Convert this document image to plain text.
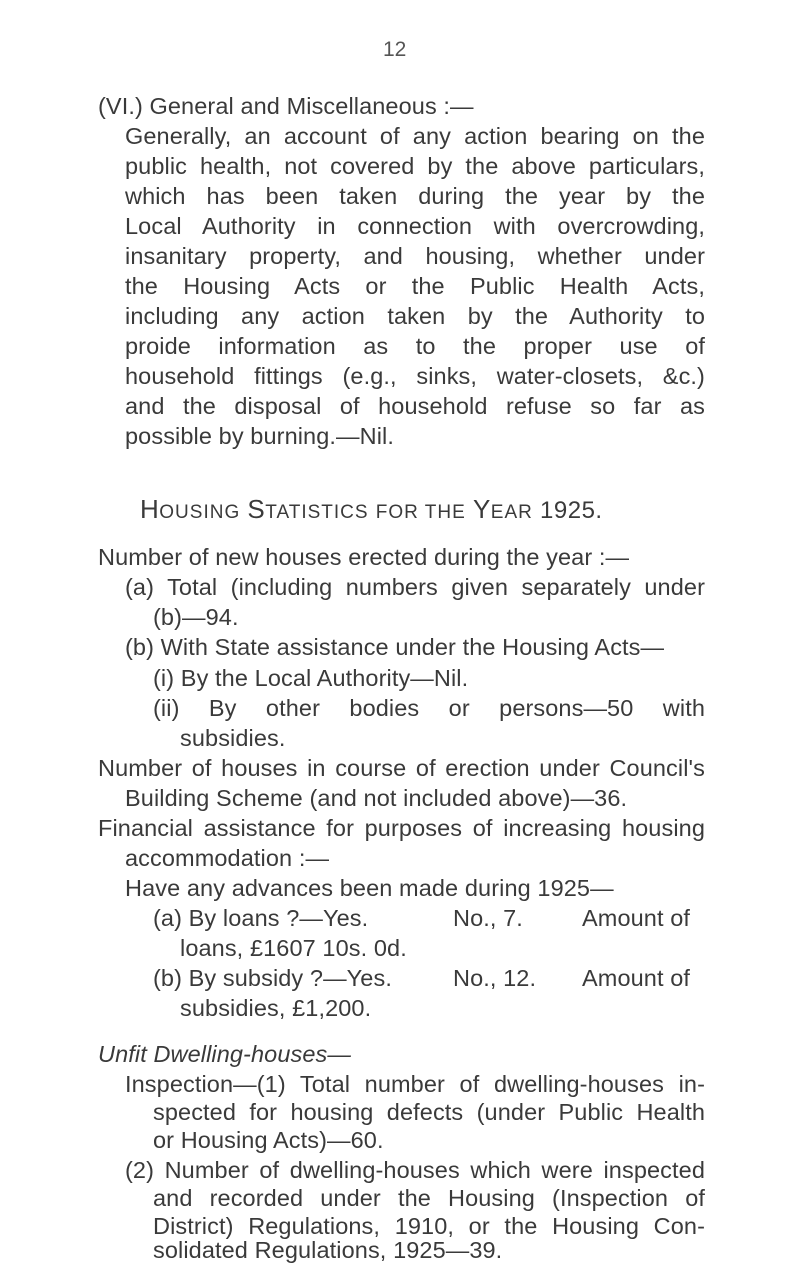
12
(VI.) General and Miscellaneous :—
Generally, an account of any action bearing on the
public health, not covered by the above particulars,
which has been taken during the year by the
Local Authority in connection with overcrowding,
insanitary property, and housing, whether under
the Housing Acts or the Public Health Acts,
including any action taken by the Authority to
proide information as to the proper use of
household fittings (e.g., sinks, water-closets, &c.)
and the disposal of household refuse so far as
possible by burning.—Nil.
HOUSING STATISTICS FOR THE YEAR 1925.
Number of new houses erected during the year :—
(a) Total (including numbers given separately under
(b)—94.
(b) With State assistance under the Housing Acts—
(i) By the Local Authority—Nil.
(ii) By other bodies or persons—50 with
subsidies.
Number of houses in course of erection under Council's
Building Scheme (and not included above)—36.
Financial assistance for purposes of increasing housing
accommodation :—
Have any advances been made during 1925—
(a) By loans ?—Yes.	No., 7.	Amount of
loans, £1607 10s. 0d.
(b) By subsidy ?—Yes.	No., 12. Amount of
subsidies, £1,200.
Unfit Dwelling-houses—
Inspection—(1) Total number of dwelling-houses in-
spected for housing defects (under Public Health
or Housing Acts)—60.
(2) Number of dwelling-houses which were inspected
and recorded under the Housing (Inspection of
District) Regulations, 1910, or the Housing Con-
solidated Regulations, 1925—39.
